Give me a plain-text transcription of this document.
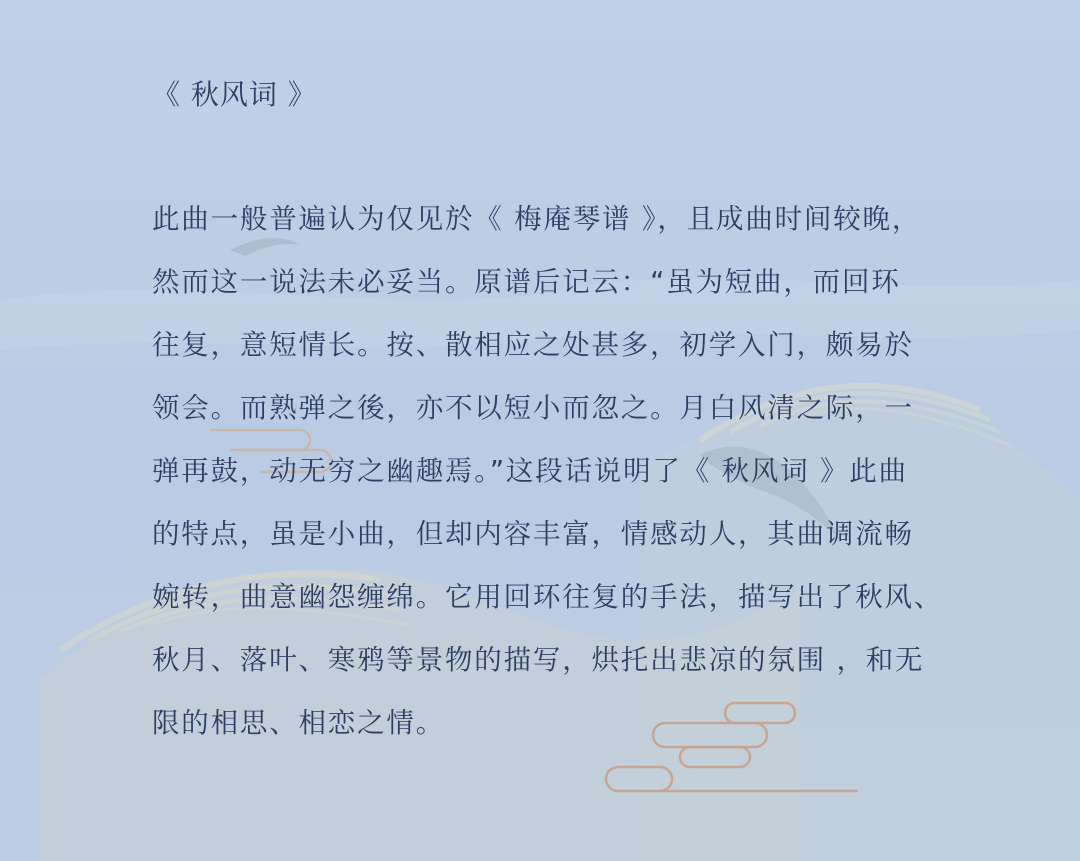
《 秋风词 》
此曲一般普遍认为仅见於《 梅庵琴谱 》，且成曲时间较晚，
然而这一说法未必妥当。原谱后记云：“虽为短曲，而回环
往复，意短情长。按、散相应之处甚多，初学入门，颇易於
领会。而熟弹之後，亦不以短小而忽之。月白风清之际，一
弹再鼓，动无穷之幽趣焉。”这段话说明了《 秋风词 》此曲
的特点，虽是小曲，但却内容丰富，情感动人，其曲调流畅
婉转，曲意幽怨缠绵。它用回环往复的手法，描写出了秋风、
秋月、落叶、寒鸦等景物的描写，烘托出悲凉的氛围 ，和无
限的相思、相恋之情。
